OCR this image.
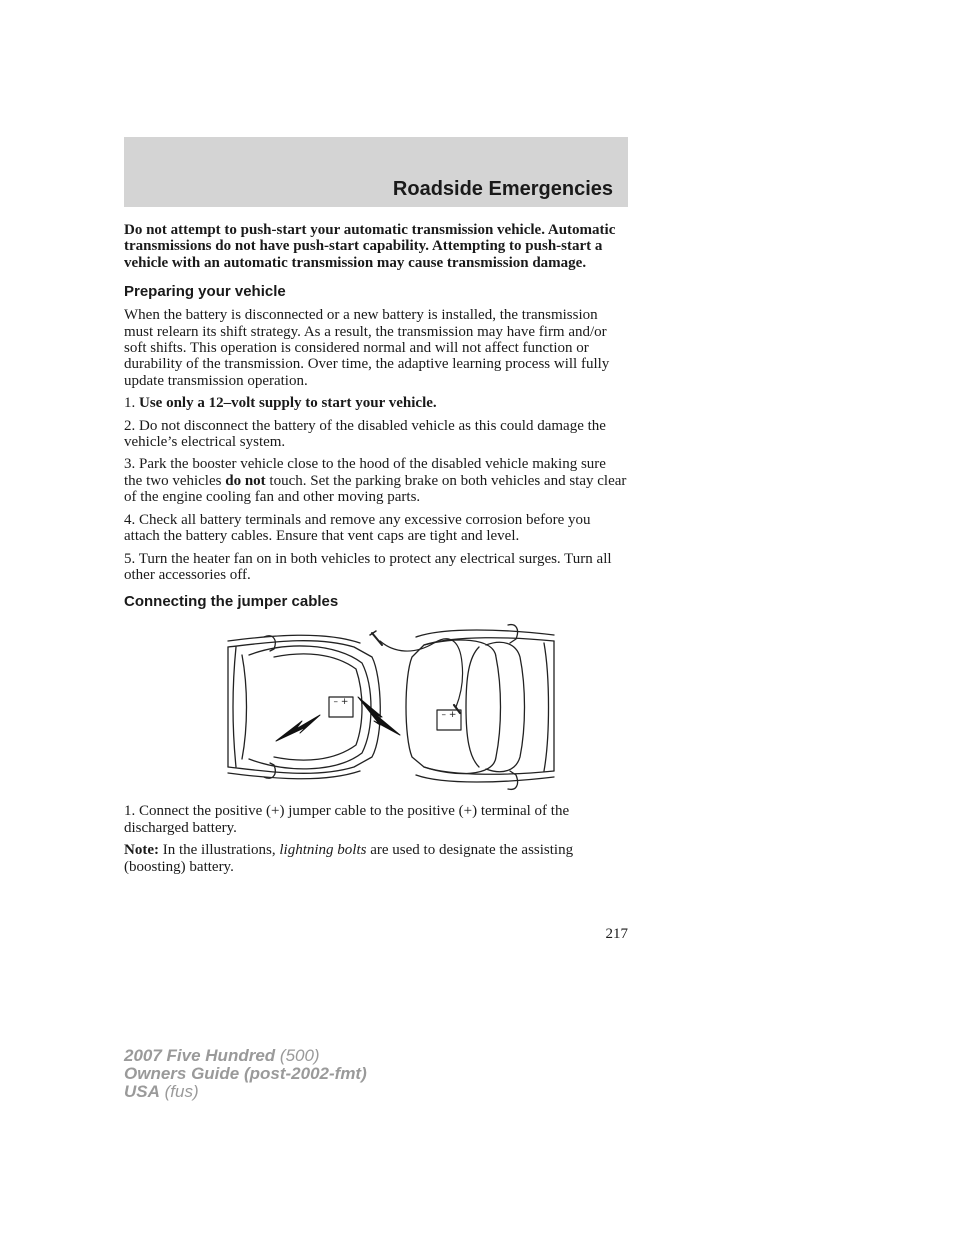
Roadside Emergencies

Do not attempt to push-start your automatic transmission vehicle. Automatic transmissions do not have push-start capability. Attempting to push-start a vehicle with an automatic transmission may cause transmission damage.

Preparing your vehicle

When the battery is disconnected or a new battery is installed, the transmission must relearn its shift strategy. As a result, the transmission may have firm and/or soft shifts. This operation is considered normal and will not affect function or durability of the transmission. Over time, the adaptive learning process will fully update transmission operation.

1. Use only a 12–volt supply to start your vehicle.

2. Do not disconnect the battery of the disabled vehicle as this could damage the vehicle’s electrical system.

3. Park the booster vehicle close to the hood of the disabled vehicle making sure the two vehicles do not touch. Set the parking brake on both vehicles and stay clear of the engine cooling fan and other moving parts.

4. Check all battery terminals and remove any excessive corrosion before you attach the battery cables. Ensure that vent caps are tight and level.

5. Turn the heater fan on in both vehicles to protect any electrical surges. Turn all other accessories off.

Connecting the jumper cables
– +
– +

1. Connect the positive (+) jumper cable to the positive (+) terminal of the discharged battery.

Note: In the illustrations, lightning bolts are used to designate the assisting (boosting) battery.

217
2007 Five Hundred (500)
Owners Guide (post-2002-fmt)
USA (fus)
